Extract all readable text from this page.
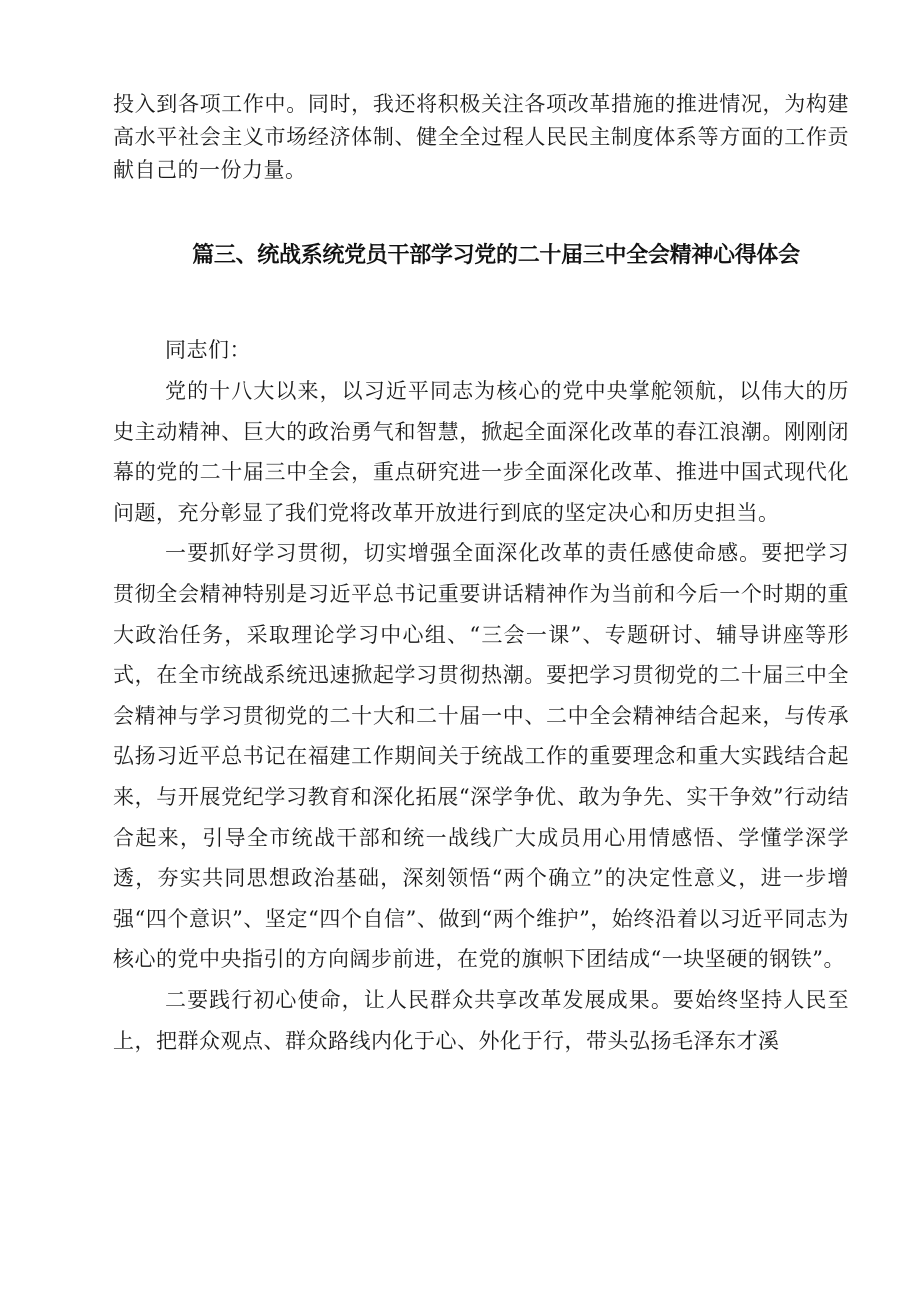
投入到各项工作中。同时，我还将积极关注各项改革措施的推进情况，为构建高水平社会主义市场经济体制、健全全过程人民民主制度体系等方面的工作贡献自己的一份力量。

篇三、统战系统党员干部学习党的二十届三中全会精神心得体会

同志们：

党的十八大以来，以习近平同志为核心的党中央掌舵领航，以伟大的历史主动精神、巨大的政治勇气和智慧，掀起全面深化改革的春江浪潮。刚刚闭幕的党的二十届三中全会，重点研究进一步全面深化改革、推进中国式现代化问题，充分彰显了我们党将改革开放进行到底的坚定决心和历史担当。

一要抓好学习贯彻，切实增强全面深化改革的责任感使命感。要把学习贯彻全会精神特别是习近平总书记重要讲话精神作为当前和今后一个时期的重大政治任务，采取理论学习中心组、“三会一课”、专题研讨、辅导讲座等形式，在全市统战系统迅速掀起学习贯彻热潮。要把学习贯彻党的二十届三中全会精神与学习贯彻党的二十大和二十届一中、二中全会精神结合起来，与传承弘扬习近平总书记在福建工作期间关于统战工作的重要理念和重大实践结合起来，与开展党纪学习教育和深化拓展“深学争优、敢为争先、实干争效”行动结合起来，引导全市统战干部和统一战线广大成员用心用情感悟、学懂学深学透，夯实共同思想政治基础，深刻领悟“两个确立”的决定性意义，进一步增强“四个意识”、坚定“四个自信”、做到“两个维护”，始终沿着以习近平同志为核心的党中央指引的方向阔步前进，在党的旗帜下团结成“一块坚硬的钢铁”。

二要践行初心使命，让人民群众共享改革发展成果。要始终坚持人民至上，把群众观点、群众路线内化于心、外化于行，带头弘扬毛泽东才溪
